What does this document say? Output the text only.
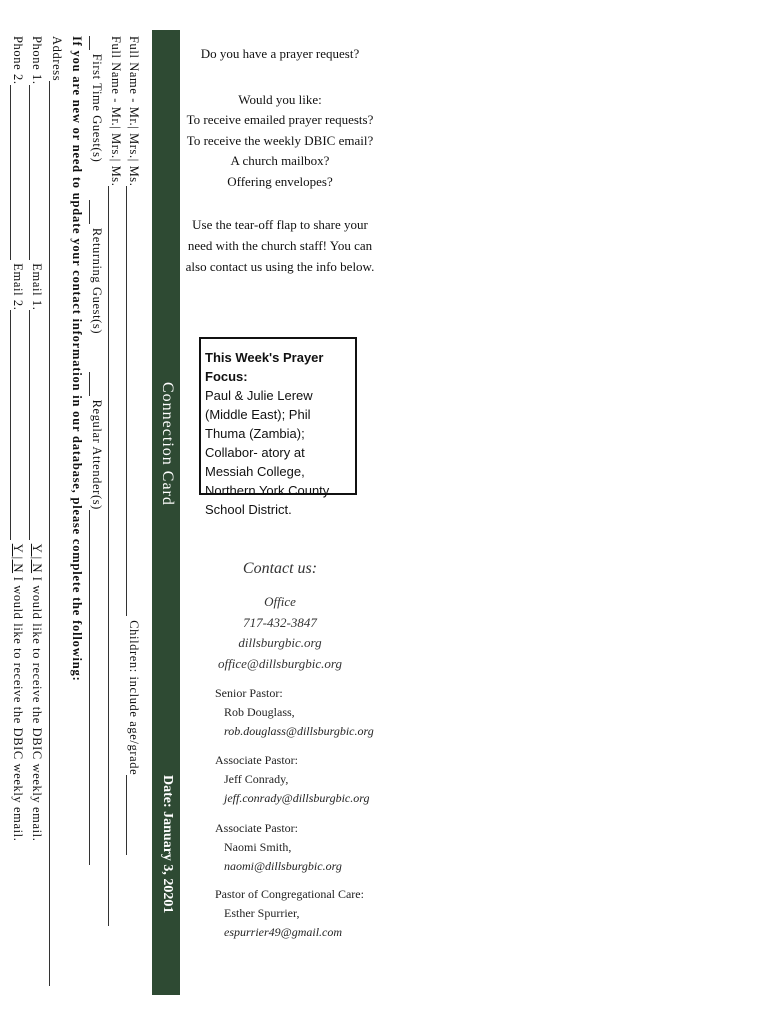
Connection Card
Date: January 3, 20201
Full Name - Mr.| Mrs.| Ms. Children: include age/grade
Full Name - Mr.| Mrs.| Ms.
First Time Guest(s)  Returning Guest(s)  Regular Attender(s)
If you are new or need to update your contact information in our database, please complete the following:
Address
Phone 1. Email 1. Y | N I would like to receive the DBIC weekly email.
Phone 2. Email 2. Y | N I would like to receive the DBIC weekly email.
Do you have a prayer request?
Would you like:
To receive emailed prayer requests?
To receive the weekly DBIC email?
A church mailbox?
Offering envelopes?
Use the tear-off flap to share your need with the church staff! You can also contact us using the info below.
This Week's Prayer Focus:
Paul & Julie Lerew (Middle East); Phil Thuma (Zambia); Collabor- atory at Messiah College, Northern York County School District.
Contact us:
Office
717-432-3847
dillsburgbic.org
office@dillsburgbic.org
Senior Pastor:
Rob Douglass,
rob.douglass@dillsburgbic.org
Associate Pastor:
Jeff Conrady,
jeff.conrady@dillsburgbic.org
Associate Pastor:
Naomi Smith,
naomi@dillsburgbic.org
Pastor of Congregational Care:
Esther Spurrier,
espurrier49@gmail.com
